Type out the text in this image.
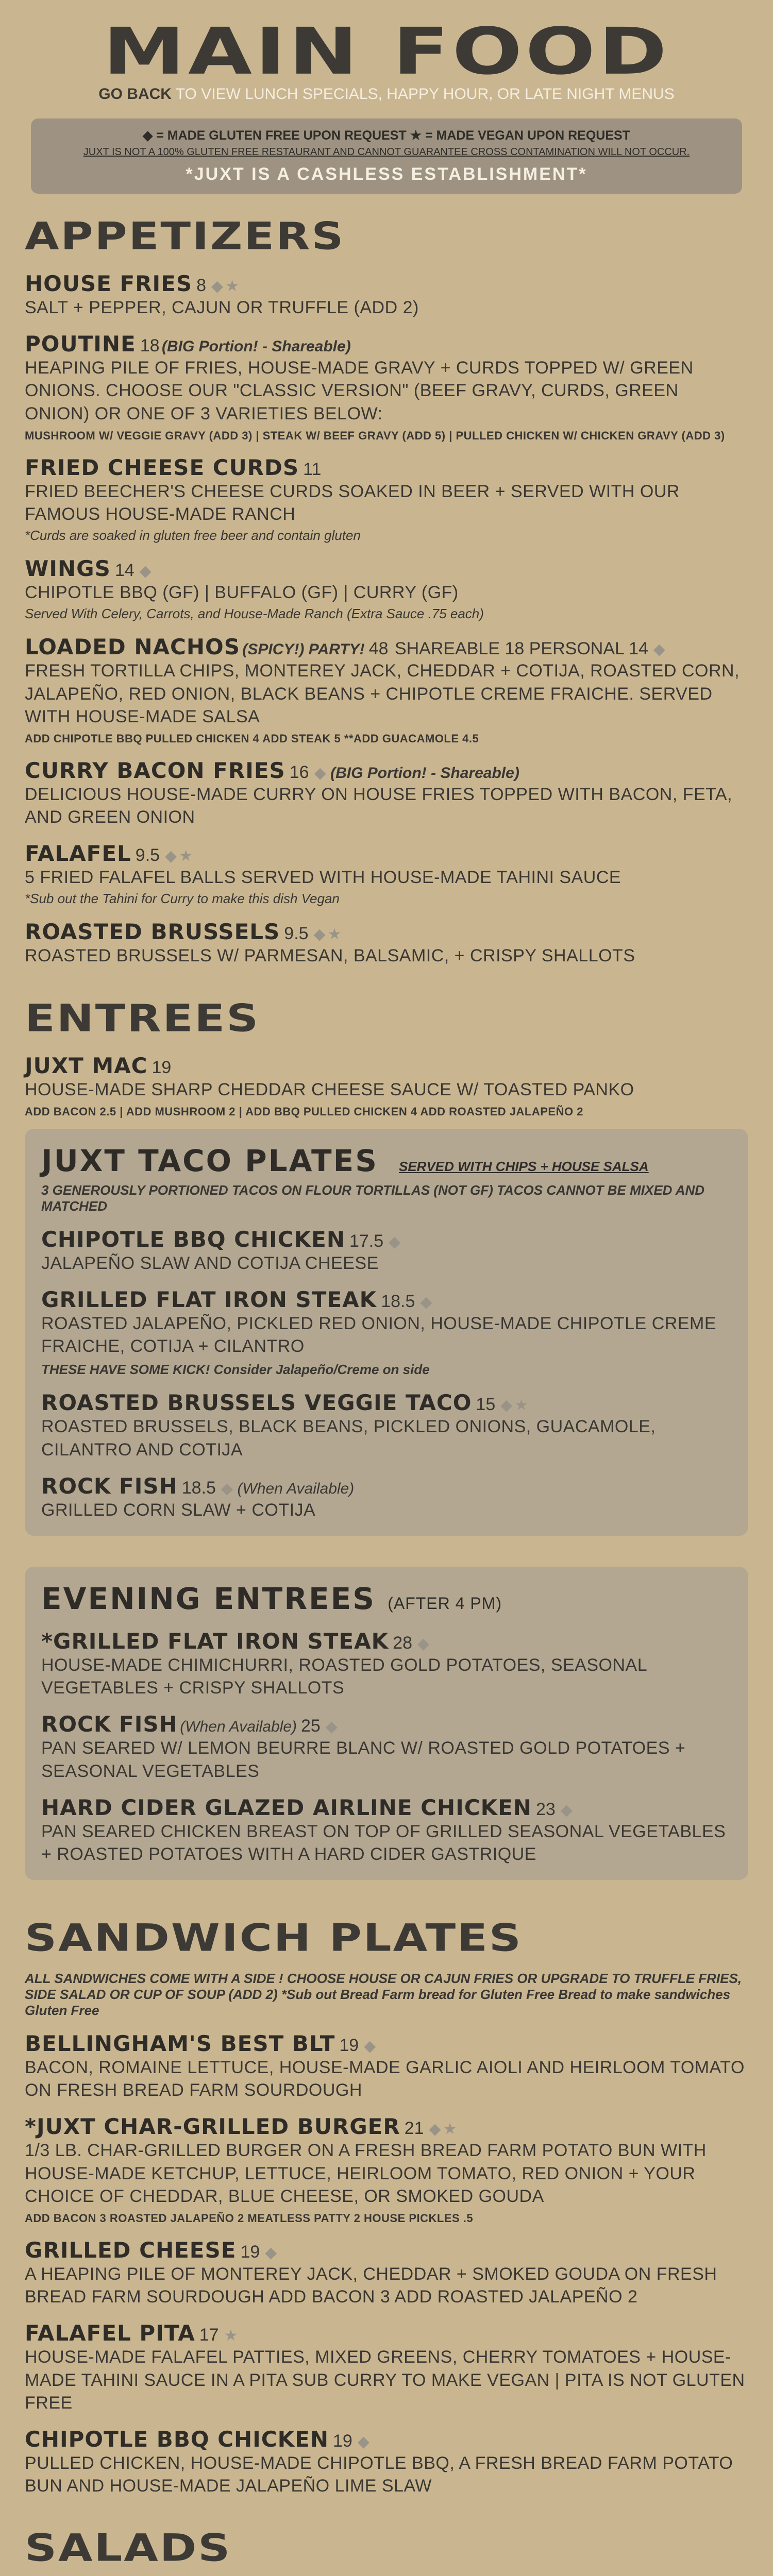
MAIN FOOD
GO BACK TO VIEW LUNCH SPECIALS, HAPPY HOUR, OR LATE NIGHT MENUS
◆ = MADE GLUTEN FREE UPON REQUEST ★ = MADE VEGAN UPON REQUEST
JUXT IS NOT A 100% GLUTEN FREE RESTAURANT AND CANNOT GUARANTEE CROSS CONTAMINATION WILL NOT OCCUR.
*JUXT IS A CASHLESS ESTABLISHMENT*
APPETIZERS
HOUSE FRIES 8 ◆★
SALT + PEPPER, CAJUN OR TRUFFLE (ADD 2)
POUTINE 18 (BIG Portion! - Shareable)
HEAPING PILE OF FRIES, HOUSE-MADE GRAVY + CURDS TOPPED W/ GREEN ONIONS. CHOOSE OUR "CLASSIC VERSION" (BEEF GRAVY, CURDS, GREEN ONION) OR ONE OF 3 VARIETIES BELOW:
MUSHROOM W/ VEGGIE GRAVY (ADD 3) | STEAK W/ BEEF GRAVY (ADD 5) | PULLED CHICKEN W/ CHICKEN GRAVY (ADD 3)
FRIED CHEESE CURDS 11
FRIED BEECHER'S CHEESE CURDS SOAKED IN BEER + SERVED WITH OUR FAMOUS HOUSE-MADE RANCH
*Curds are soaked in gluten free beer and contain gluten
WINGS 14 ◆
CHIPOTLE BBQ (GF) | BUFFALO (GF) | CURRY (GF)
Served With Celery, Carrots, and House-Made Ranch (Extra Sauce .75 each)
LOADED NACHOS (SPICY!) PARTY! 48 SHAREABLE 18 PERSONAL 14 ◆
FRESH TORTILLA CHIPS, MONTEREY JACK, CHEDDAR + COTIJA, ROASTED CORN, JALAPEÑO, RED ONION, BLACK BEANS + CHIPOTLE CREME FRAICHE. SERVED WITH HOUSE-MADE SALSA
ADD CHIPOTLE BBQ PULLED CHICKEN 4 ADD STEAK 5 **ADD GUACAMOLE 4.5
CURRY BACON FRIES 16 ◆ (BIG Portion! - Shareable)
DELICIOUS HOUSE-MADE CURRY ON HOUSE FRIES TOPPED WITH BACON, FETA, AND GREEN ONION
FALAFEL 9.5 ◆★
5 FRIED FALAFEL BALLS SERVED WITH HOUSE-MADE TAHINI SAUCE
*Sub out the Tahini for Curry to make this dish Vegan
ROASTED BRUSSELS 9.5 ◆★
ROASTED BRUSSELS W/ PARMESAN, BALSAMIC, + CRISPY SHALLOTS
ENTREES
JUXT MAC 19
HOUSE-MADE SHARP CHEDDAR CHEESE SAUCE W/ TOASTED PANKO
ADD BACON 2.5 | ADD MUSHROOM 2 | ADD BBQ PULLED CHICKEN 4 ADD ROASTED JALAPEÑO 2
JUXT TACO PLATES SERVED WITH CHIPS + HOUSE SALSA
3 GENEROUSLY PORTIONED TACOS ON FLOUR TORTILLAS (NOT GF) TACOS CANNOT BE MIXED AND MATCHED
CHIPOTLE BBQ CHICKEN 17.5 ◆
JALAPEÑO SLAW AND COTIJA CHEESE
GRILLED FLAT IRON STEAK 18.5 ◆
ROASTED JALAPEÑO, PICKLED RED ONION, HOUSE-MADE CHIPOTLE CREME FRAICHE, COTIJA + CILANTRO
THESE HAVE SOME KICK! Consider Jalapeño/Creme on side
ROASTED BRUSSELS VEGGIE TACO 15 ◆★
ROASTED BRUSSELS, BLACK BEANS, PICKLED ONIONS, GUACAMOLE, CILANTRO AND COTIJA
ROCK FISH 18.5 ◆ (When Available)
GRILLED CORN SLAW + COTIJA
EVENING ENTREES (AFTER 4 PM)
*GRILLED FLAT IRON STEAK 28 ◆
HOUSE-MADE CHIMICHURRI, ROASTED GOLD POTATOES, SEASONAL VEGETABLES + CRISPY SHALLOTS
ROCK FISH (When Available) 25 ◆
PAN SEARED W/ LEMON BEURRE BLANC W/ ROASTED GOLD POTATOES + SEASONAL VEGETABLES
HARD CIDER GLAZED AIRLINE CHICKEN 23 ◆
PAN SEARED CHICKEN BREAST ON TOP OF GRILLED SEASONAL VEGETABLES + ROASTED POTATOES WITH A HARD CIDER GASTRIQUE
SANDWICH PLATES
ALL SANDWICHES COME WITH A SIDE ! CHOOSE HOUSE OR CAJUN FRIES OR UPGRADE TO TRUFFLE FRIES, SIDE SALAD OR CUP OF SOUP (ADD 2) *Sub out Bread Farm bread for Gluten Free Bread to make sandwiches Gluten Free
BELLINGHAM'S BEST BLT 19 ◆
BACON, ROMAINE LETTUCE, HOUSE-MADE GARLIC AIOLI AND HEIRLOOM TOMATO ON FRESH BREAD FARM SOURDOUGH
*JUXT CHAR-GRILLED BURGER 21 ◆★
1/3 LB. CHAR-GRILLED BURGER ON A FRESH BREAD FARM POTATO BUN WITH HOUSE-MADE KETCHUP, LETTUCE, HEIRLOOM TOMATO, RED ONION + YOUR CHOICE OF CHEDDAR, BLUE CHEESE, OR SMOKED GOUDA
ADD BACON 3 ROASTED JALAPEÑO 2 MEATLESS PATTY 2 HOUSE PICKLES .5
GRILLED CHEESE 19 ◆
A HEAPING PILE OF MONTEREY JACK, CHEDDAR + SMOKED GOUDA ON FRESH BREAD FARM SOURDOUGH ADD BACON 3 ADD ROASTED JALAPEÑO 2
FALAFEL PITA 17 ★
HOUSE-MADE FALAFEL PATTIES, MIXED GREENS, CHERRY TOMATOES + HOUSE-MADE TAHINI SAUCE IN A PITA SUB CURRY TO MAKE VEGAN | PITA IS NOT GLUTEN FREE
CHIPOTLE BBQ CHICKEN 19 ◆
PULLED CHICKEN, HOUSE-MADE CHIPOTLE BBQ, A FRESH BREAD FARM POTATO BUN AND HOUSE-MADE JALAPEÑO LIME SLAW
SALADS
